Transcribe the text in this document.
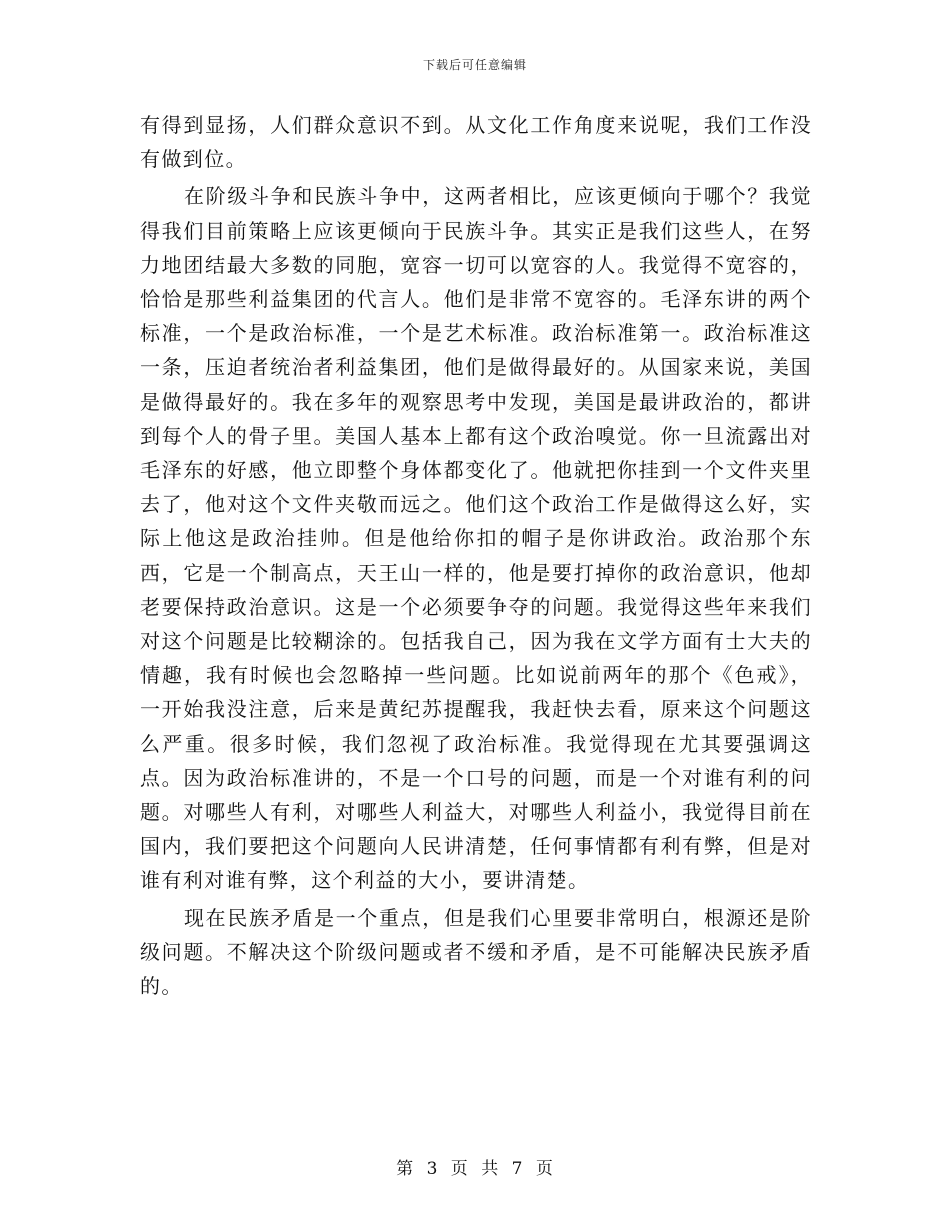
下载后可任意编辑

有得到显扬，人们群众意识不到。从文化工作角度来说呢，我们工作没有做到位。

在阶级斗争和民族斗争中，这两者相比，应该更倾向于哪个？我觉得我们目前策略上应该更倾向于民族斗争。其实正是我们这些人，在努力地团结最大多数的同胞，宽容一切可以宽容的人。我觉得不宽容的，恰恰是那些利益集团的代言人。他们是非常不宽容的。毛泽东讲的两个标准，一个是政治标准，一个是艺术标准。政治标准第一。政治标准这一条，压迫者统治者利益集团，他们是做得最好的。从国家来说，美国是做得最好的。我在多年的观察思考中发现，美国是最讲政治的，都讲到每个人的骨子里。美国人基本上都有这个政治嗅觉。你一旦流露出对毛泽东的好感，他立即整个身体都变化了。他就把你挂到一个文件夹里去了，他对这个文件夹敬而远之。他们这个政治工作是做得这么好，实际上他这是政治挂帅。但是他给你扣的帽子是你讲政治。政治那个东西，它是一个制高点，天王山一样的，他是要打掉你的政治意识，他却老要保持政治意识。这是一个必须要争夺的问题。我觉得这些年来我们对这个问题是比较糊涂的。包括我自己，因为我在文学方面有士大夫的情趣，我有时候也会忽略掉一些问题。比如说前两年的那个《色戒》，一开始我没注意，后来是黄纪苏提醒我，我赶快去看，原来这个问题这么严重。很多时候，我们忽视了政治标准。我觉得现在尤其要强调这点。因为政治标准讲的，不是一个口号的问题，而是一个对谁有利的问题。对哪些人有利，对哪些人利益大，对哪些人利益小，我觉得目前在国内，我们要把这个问题向人民讲清楚，任何事情都有利有弊，但是对谁有利对谁有弊，这个利益的大小，要讲清楚。

现在民族矛盾是一个重点，但是我们心里要非常明白，根源还是阶级问题。不解决这个阶级问题或者不缓和矛盾，是不可能解决民族矛盾的。

第 3 页 共 7 页
